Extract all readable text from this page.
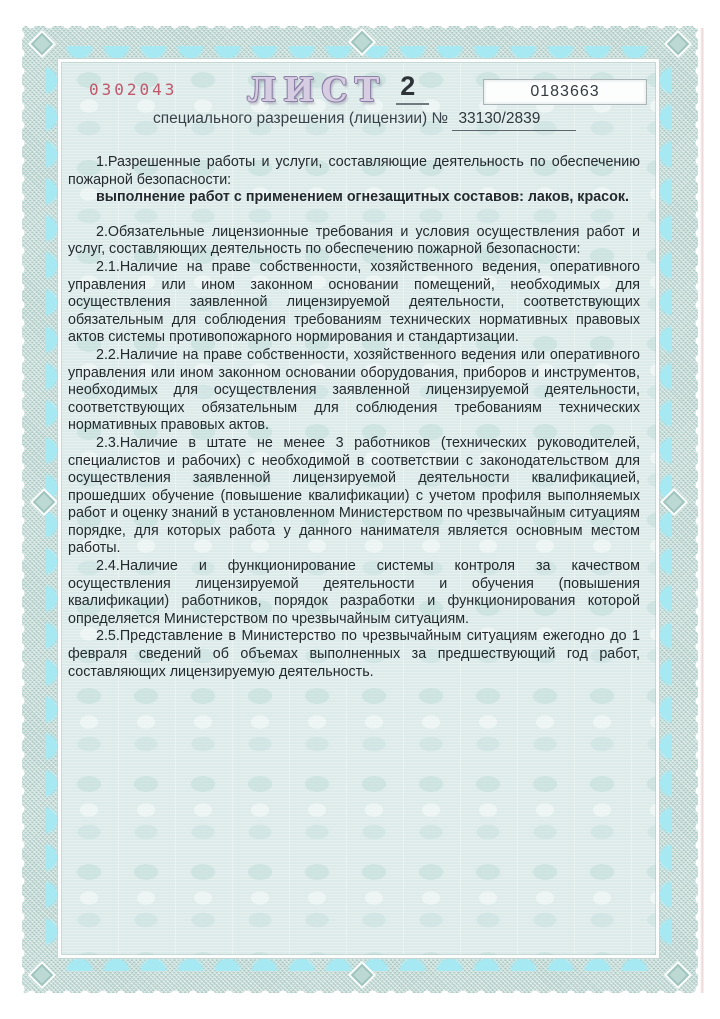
0302043 ЛИСТ 2	0183663
специального разрешения (лицензии) № 33130/2839

1.Разрешенные работы и услуги, составляющие деятельность по обеспечению пожарной безопасности:

выполнение работ с применением огнезащитных составов: лаков, красок.

2.Обязательные лицензионные требования и условия осуществления работ и услуг, составляющих деятельность по обеспечению пожарной безопасности:

2.1.Наличие на праве собственности, хозяйственного ведения, оперативного управления или ином законном основании помещений, необходимых для осуществления заявленной лицензируемой деятельности, соответствующих обязательным для соблюдения требованиям технических нормативных правовых актов системы противопожарного нормирования и стандартизации.

2.2.Наличие на праве собственности, хозяйственного ведения или оперативного управления или ином законном основании оборудования, приборов и инструментов, необходимых для осуществления заявленной лицензируемой деятельности, соответствующих обязательным для соблюдения требованиям технических нормативных правовых актов.

2.3.Наличие в штате не менее 3 работников (технических руководителей, специалистов и рабочих) с необходимой в соответствии с законодательством для осуществления заявленной лицензируемой деятельности квалификацией, прошедших обучение (повышение квалификации) с учетом профиля выполняемых работ и оценку знаний в установленном Министерством по чрезвычайным ситуациям порядке, для которых работа у данного нанимателя является основным местом работы.

2.4.Наличие и функционирование системы контроля за качеством осуществления лицензируемой деятельности и обучения (повышения квалификации) работников, порядок разработки и функционирования которой определяется Министерством по чрезвычайным ситуациям.

2.5.Представление в Министерство по чрезвычайным ситуациям ежегодно до 1 февраля сведений об объемах выполненных за предшествующий год работ, составляющих лицензируемую деятельность.
